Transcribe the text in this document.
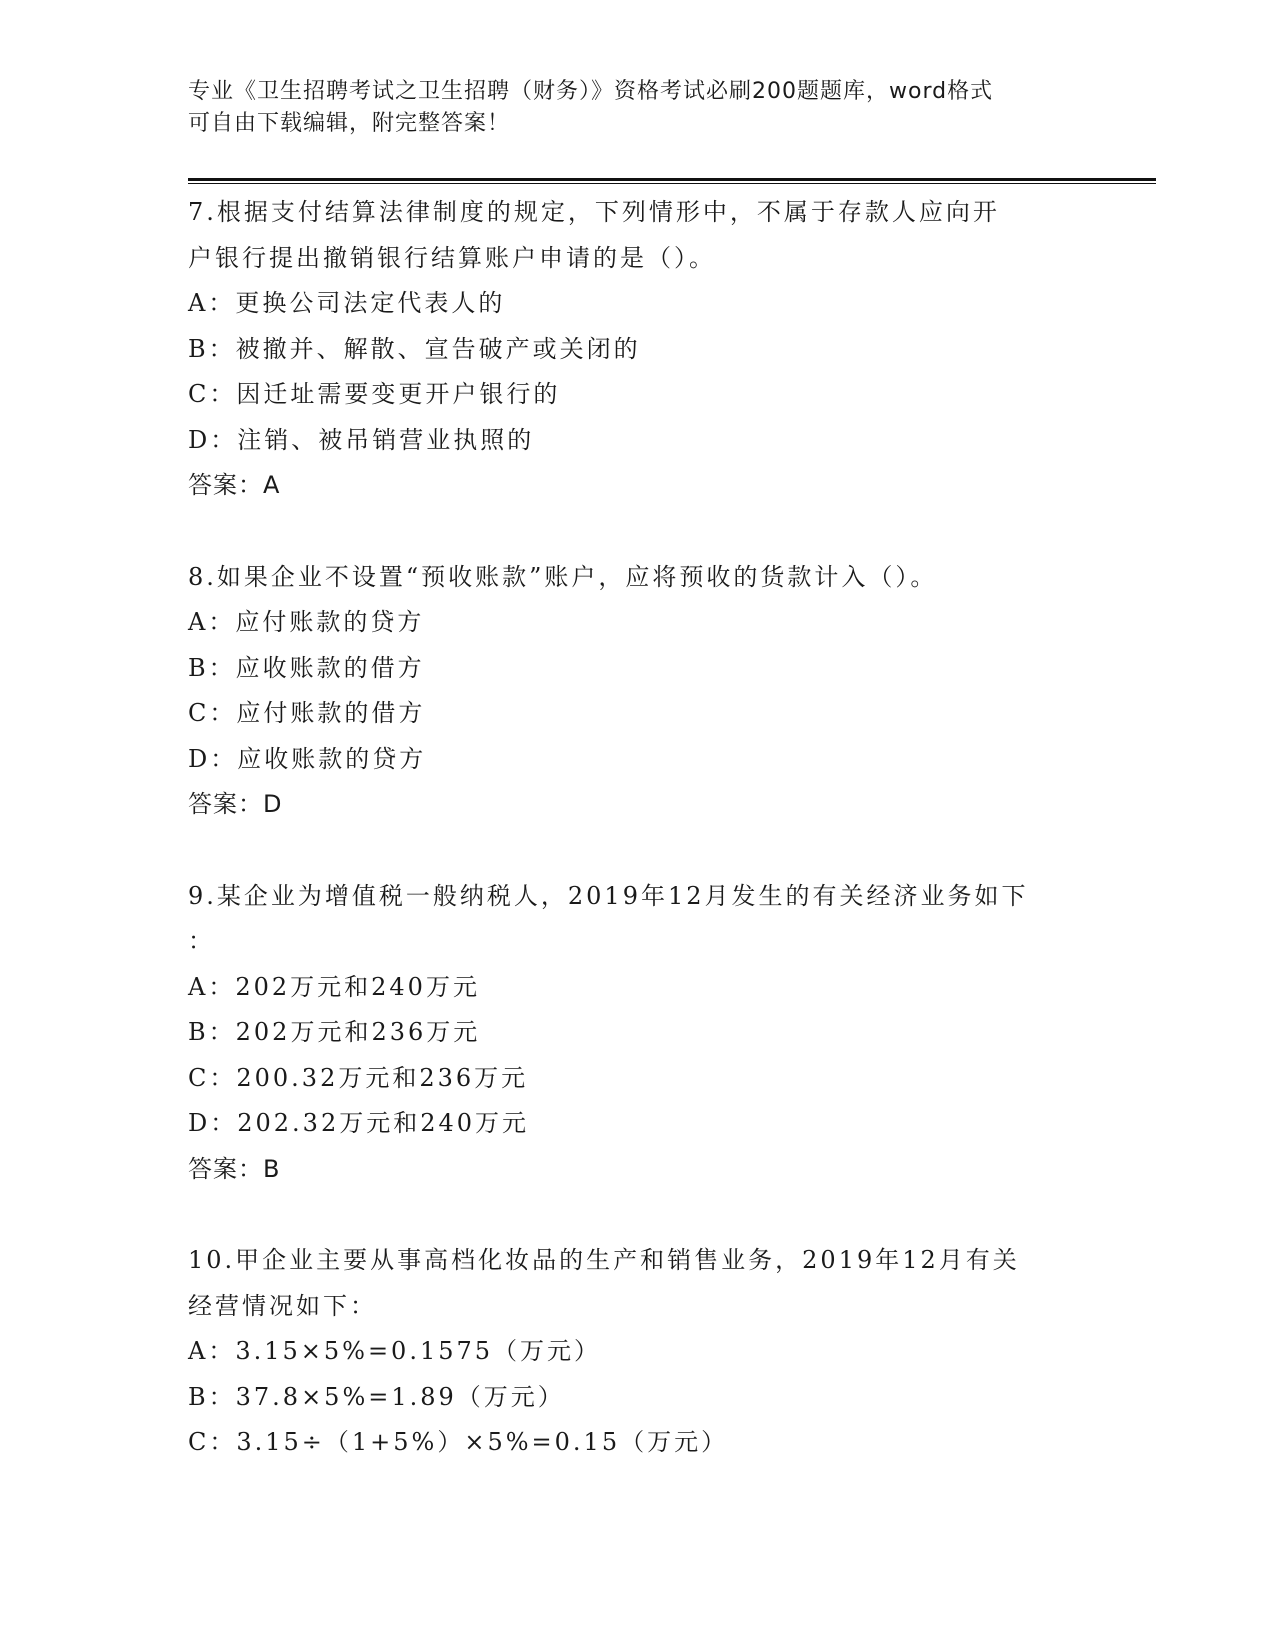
专业《卫生招聘考试之卫生招聘（财务）》资格考试必刷200题题库，word格式
可自由下载编辑，附完整答案！
7.根据支付结算法律制度的规定，下列情形中，不属于存款人应向开
户银行提出撤销银行结算账户申请的是（）。
A：更换公司法定代表人的
B：被撤并、解散、宣告破产或关闭的
C：因迁址需要变更开户银行的
D：注销、被吊销营业执照的
答案：A
8.如果企业不设置“预收账款”账户，应将预收的货款计入（）。
A：应付账款的贷方
B：应收账款的借方
C：应付账款的借方
D：应收账款的贷方
答案：D
9.某企业为增值税一般纳税人，2019年12月发生的有关经济业务如下
：
A：202万元和240万元
B：202万元和236万元
C：200.32万元和236万元
D：202.32万元和240万元
答案：B
10.甲企业主要从事高档化妆品的生产和销售业务，2019年12月有关
经营情况如下：
A：3.15×5%=0.1575（万元）
B：37.8×5%=1.89（万元）
C：3.15÷（1+5%）×5%=0.15（万元）
